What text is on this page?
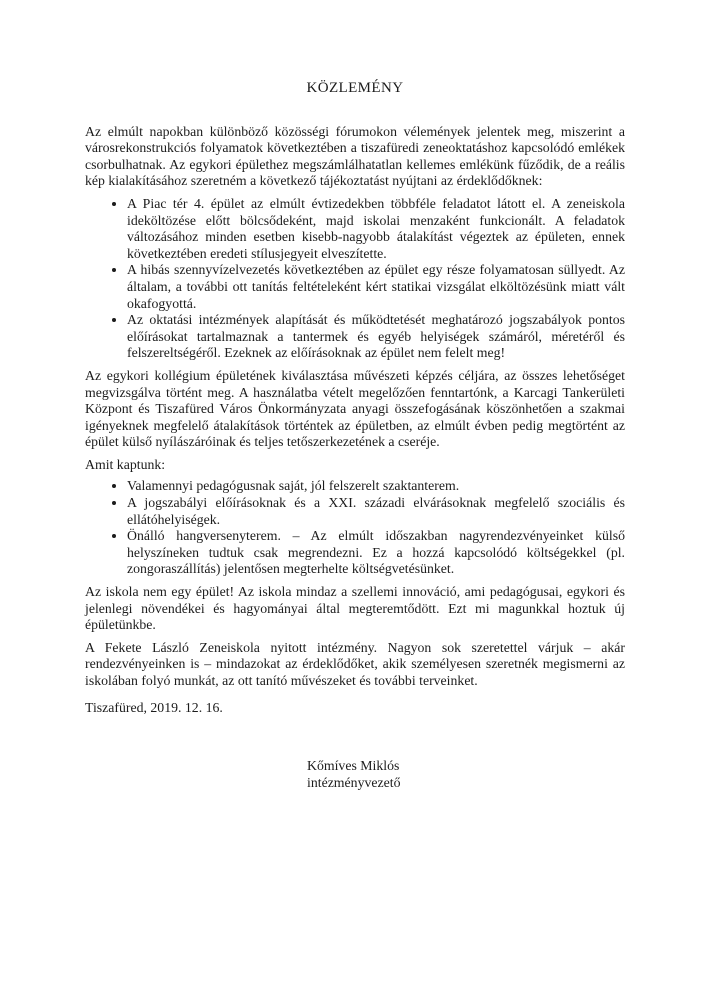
KÖZLEMÉNY

Az elmúlt napokban különböző közösségi fórumokon vélemények jelentek meg, miszerint a városrekonstrukciós folyamatok következtében a tiszafüredi zeneoktatáshoz kapcsolódó emlékek csorbulhatnak. Az egykori épülethez megszámlálhatatlan kellemes emlékünk fűződik, de a reális kép kialakításához szeretném a következő tájékoztatást nyújtani az érdeklődőknek:

• A Piac tér 4. épület az elmúlt évtizedekben többféle feladatot látott el. A zeneiskola ideköltözése előtt bölcsődeként, majd iskolai menzaként funkcionált. A feladatok változásához minden esetben kisebb-nagyobb átalakítást végeztek az épületen, ennek következtében eredeti stílusjegyeit elveszítette.
• A hibás szennyvízelvezetés következtében az épület egy része folyamatosan süllyedt. Az általam, a további ott tanítás feltételeként kért statikai vizsgálat elköltözésünk miatt vált okafogyottá.
• Az oktatási intézmények alapítását és működtetését meghatározó jogszabályok pontos előírásokat tartalmaznak a tantermek és egyéb helyiségek számáról, méretéről és felszereltségéről. Ezeknek az előírásoknak az épület nem felelt meg!

Az egykori kollégium épületének kiválasztása művészeti képzés céljára, az összes lehetőséget megvizsgálva történt meg. A használatba vételt megelőzően fenntartónk, a Karcagi Tankerületi Központ és Tiszafüred Város Önkormányzata anyagi összefogásának köszönhetően a szakmai igényeknek megfelelő átalakítások történtek az épületben, az elmúlt évben pedig megtörtént az épület külső nyílászáróinak és teljes tetőszerkezetének a cseréje.

Amit kaptunk:

• Valamennyi pedagógusnak saját, jól felszerelt szaktanterem.
• A jogszabályi előírásoknak és a XXI. századi elvárásoknak megfelelő szociális és ellátóhelyiségek.
• Önálló hangversenyterem. – Az elmúlt időszakban nagyrendezvényeinket külső helyszíneken tudtuk csak megrendezni. Ez a hozzá kapcsolódó költségekkel (pl. zongoraszállítás) jelentősen megterhelte költségvetésünket.

Az iskola nem egy épület! Az iskola mindaz a szellemi innováció, ami pedagógusai, egykori és jelenlegi növendékei és hagyományai által megteremtődött. Ezt mi magunkkal hoztuk új épületünkbe.

A Fekete László Zeneiskola nyitott intézmény. Nagyon sok szeretettel várjuk – akár rendezvényeinken is – mindazokat az érdeklődőket, akik személyesen szeretnék megismerni az iskolában folyó munkát, az ott tanító művészeket és további terveinket.

Tiszafüred, 2019. 12. 16.

Kőmíves Miklós
intézményvezető
